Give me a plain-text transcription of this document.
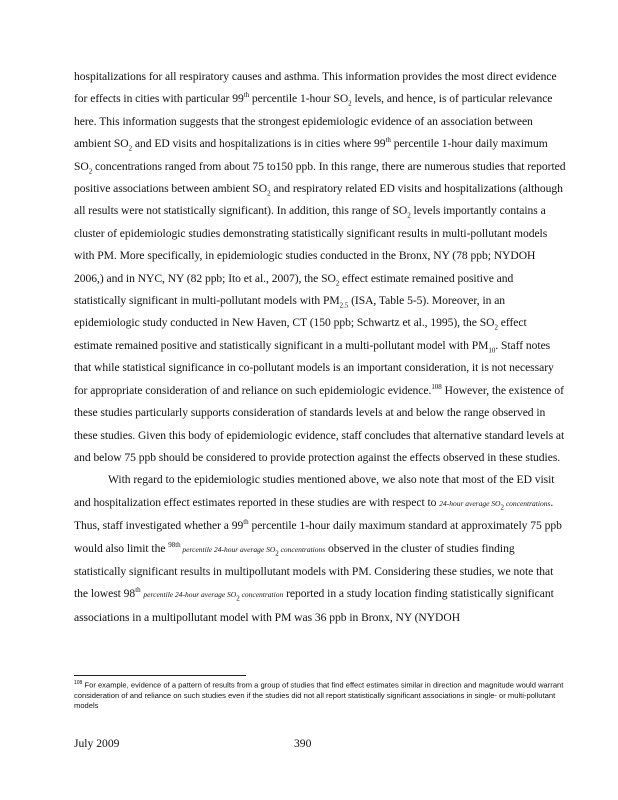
hospitalizations for all respiratory causes and asthma. This information provides the most direct evidence for effects in cities with particular 99th percentile 1-hour $SO_2$ levels, and hence, is of particular relevance here. This information suggests that the strongest epidemiologic evidence of an association between ambient $SO_2$ and ED visits and hospitalizations is in cities where 99th percentile 1-hour daily maximum $SO_2$ concentrations ranged from about 75 to150 ppb. In this range, there are numerous studies that reported positive associations between ambient $SO_2$ and respiratory related ED visits and hospitalizations (although all results were not statistically significant). In addition, this range of $SO_2$ levels importantly contains a cluster of epidemiologic studies demonstrating statistically significant results in multi-pollutant models with PM. More specifically, in epidemiologic studies conducted in the Bronx, NY (78 ppb; NYDOH 2006,) and in NYC, NY (82 ppb; Ito et al., 2007), the $SO_2$ effect estimate remained positive and statistically significant in multi-pollutant models with $PM_{2.5}$ (ISA, Table 5-5). Moreover, in an epidemiologic study conducted in New Haven, CT (150 ppb; Schwartz et al., 1995), the $SO_2$ effect estimate remained positive and statistically significant in a multi-pollutant model with $PM_{10}$. Staff notes that while statistical significance in co-pollutant models is an important consideration, it is not necessary for appropriate consideration of and reliance on such epidemiologic evidence.$^{108}$ However, the existence of these studies particularly supports consideration of standards levels at and below the range observed in these studies. Given this body of epidemiologic evidence, staff concludes that alternative standard levels at and below 75 ppb should be considered to provide protection against the effects observed in these studies.

With regard to the epidemiologic studies mentioned above, we also note that most of the ED visit and hospitalization effect estimates reported in these studies are with respect to 24-hour average $SO_2$ concentrations. Thus, staff investigated whether a 99th percentile 1-hour daily maximum standard at approximately 75 ppb would also limit the $^{98th}$ percentile 24-hour average $SO_2$ concentrations observed in the cluster of studies finding statistically significant results in multipollutant models with PM. Considering these studies, we note that the lowest 98th percentile 24-hour average $SO_2$ concentration reported in a study location finding statistically significant associations in a multipollutant model with PM was 36 ppb in Bronx, NY (NYDOH

$^{108}$ For example, evidence of a pattern of results from a group of studies that find effect estimates similar in direction and magnitude would warrant consideration of and reliance on such studies even if the studies did not all report statistically significant associations in single- or multi-pollutant models
July 2009	390
